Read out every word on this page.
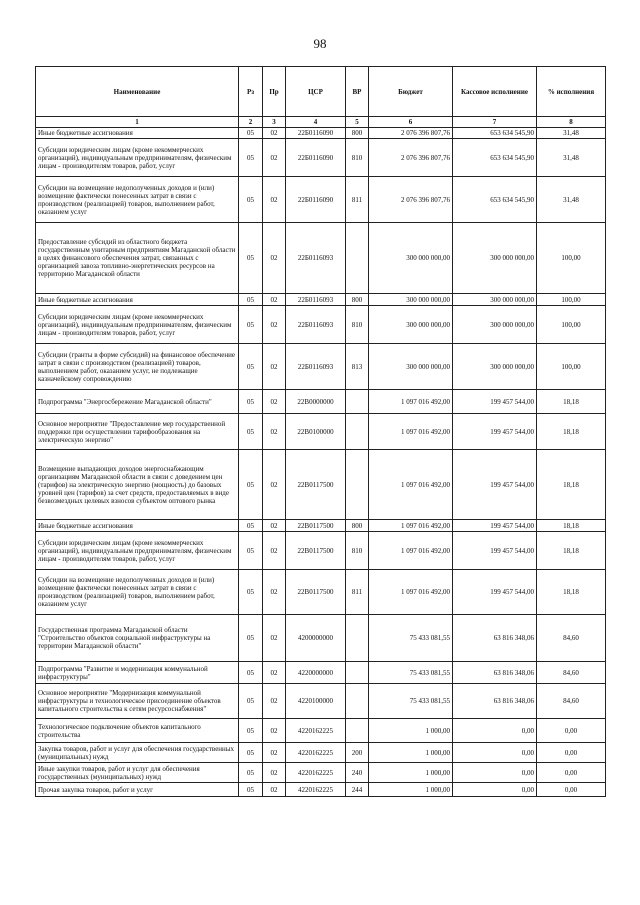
98
Наименование	Рз	Пр	ЦСР	ВР	Бюджет	Кассовое исполнение	% исполнения
1	2	3	4	5	6	7	8
Иные бюджетные ассигнования	05	02	22Б0116090	800	2 076 396 807,76	653 634 545,90	31,48
Субсидии юридическим лицам (кроме некоммерческих организаций), индивидуальным предпринимателям, физическим лицам - производителям товаров, работ, услуг	05	02	22Б0116090	810	2 076 396 807,76	653 634 545,90	31,48
Субсидии на возмещение недополученных доходов и (или) возмещение фактически понесенных затрат в связи с производством (реализацией) товаров, выполнением работ, оказанием услуг	05	02	22Б0116090	811	2 076 396 807,76	653 634 545,90	31,48
Предоставление субсидий из областного бюджета государственным унитарным предприятиям Магаданской области в целях финансового обеспечения затрат, связанных с организацией завоза топливно-энергетических ресурсов на территорию Магаданской области	05	02	22Б0116093		300 000 000,00	300 000 000,00	100,00
Иные бюджетные ассигнования	05	02	22Б0116093	800	300 000 000,00	300 000 000,00	100,00
Субсидии юридическим лицам (кроме некоммерческих организаций), индивидуальным предпринимателям, физическим лицам - производителям товаров, работ, услуг	05	02	22Б0116093	810	300 000 000,00	300 000 000,00	100,00
Субсидии (гранты в форме субсидий) на финансовое обеспечение затрат в связи с производством (реализацией) товаров, выполнением работ, оказанием услуг, не подлежащие казначейскому сопровождению	05	02	22Б0116093	813	300 000 000,00	300 000 000,00	100,00
Подпрограмма "Энергосбережение Магаданской области"	05	02	22В0000000		1 097 016 492,00	199 457 544,00	18,18
Основное мероприятие "Предоставление мер государственной поддержки при осуществлении тарифообразования на электрическую энергию"	05	02	22В0100000		1 097 016 492,00	199 457 544,00	18,18
Возмещение выпадающих доходов энергоснабжающим организациям Магаданской области в связи с доведением цен (тарифов) на электрическую энергию (мощность) до базовых уровней цен (тарифов) за счет средств, предоставляемых в виде безвозмездных целевых взносов субъектом оптового рынка	05	02	22В0117500		1 097 016 492,00	199 457 544,00	18,18
Иные бюджетные ассигнования	05	02	22В0117500	800	1 097 016 492,00	199 457 544,00	18,18
Субсидии юридическим лицам (кроме некоммерческих организаций), индивидуальным предпринимателям, физическим лицам - производителям товаров, работ, услуг	05	02	22В0117500	810	1 097 016 492,00	199 457 544,00	18,18
Субсидии на возмещение недополученных доходов и (или) возмещение фактически понесенных затрат в связи с производством (реализацией) товаров, выполнением работ, оказанием услуг	05	02	22В0117500	811	1 097 016 492,00	199 457 544,00	18,18
Государственная программа Магаданской области "Строительство объектов социальной инфраструктуры на территории Магаданской области"	05	02	4200000000		75 433 081,55	63 816 348,06	84,60
Подпрограмма "Развитие и модернизация коммунальной инфраструктуры"	05	02	4220000000		75 433 081,55	63 816 348,06	84,60
Основное мероприятие "Модернизация коммунальной инфраструктуры и технологическое присоединение объектов капитального строительства к сетям ресурсоснабжения"	05	02	4220100000		75 433 081,55	63 816 348,06	84,60
Технологическое подключение объектов капитального строительства	05	02	4220162225		1 000,00	0,00	0,00
Закупка товаров, работ и услуг для обеспечения государственных (муниципальных) нужд	05	02	4220162225	200	1 000,00	0,00	0,00
Иные закупки товаров, работ и услуг для обеспечения государственных (муниципальных) нужд	05	02	4220162225	240	1 000,00	0,00	0,00
Прочая закупка товаров, работ и услуг	05	02	4220162225	244	1 000,00	0,00	0,00
